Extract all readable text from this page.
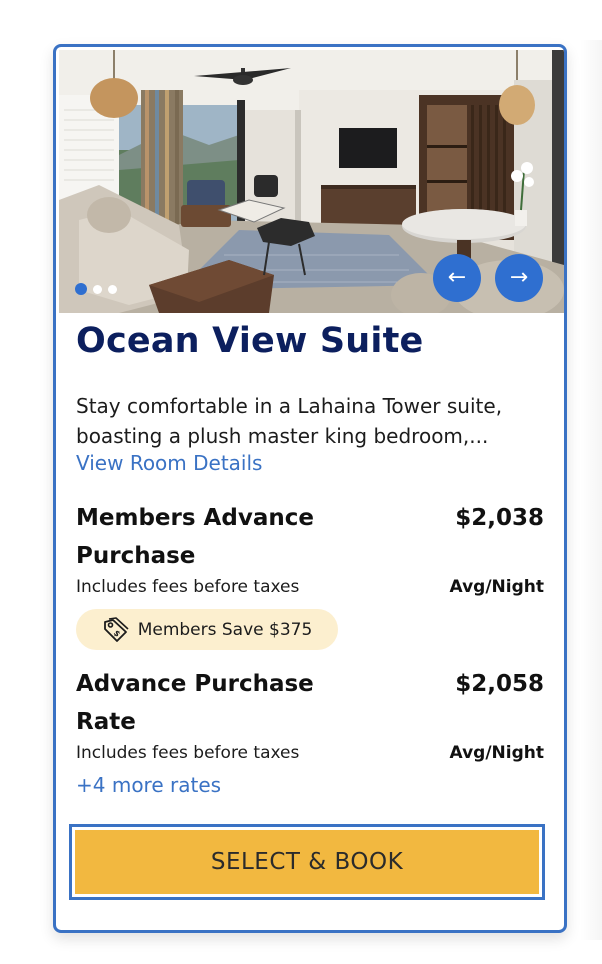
←	→
Ocean View Suite

Stay comfortable in a Lahaina Tower suite, boasting a plush master king bedroom,...

View Room Details
Members Advance Purchase
$2,038
Includes fees before taxes	Avg/Night
$ Members Save $375
Advance Purchase Rate
$2,058
Includes fees before taxes	Avg/Night
+4 more rates
SELECT & BOOK
